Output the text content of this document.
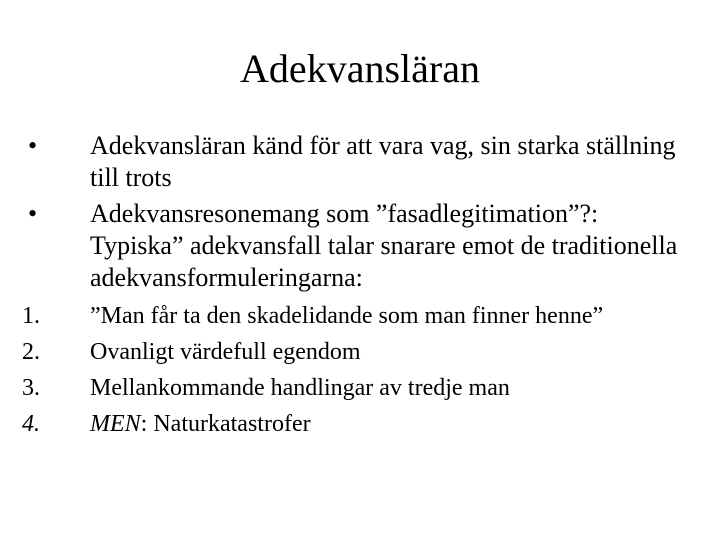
Adekvansläran
•	Adekvansläran känd för att vara vag, sin starka ställning till trots
•	Adekvansresonemang som ”fasadlegitimation”?: Typiska” adekvansfall talar snarare emot de traditionella adekvansformuleringarna:
1.	”Man får ta den skadelidande som man finner henne”
2.	Ovanligt värdefull egendom
3.	Mellankommande handlingar av tredje man
4.	MEN: Naturkatastrofer
